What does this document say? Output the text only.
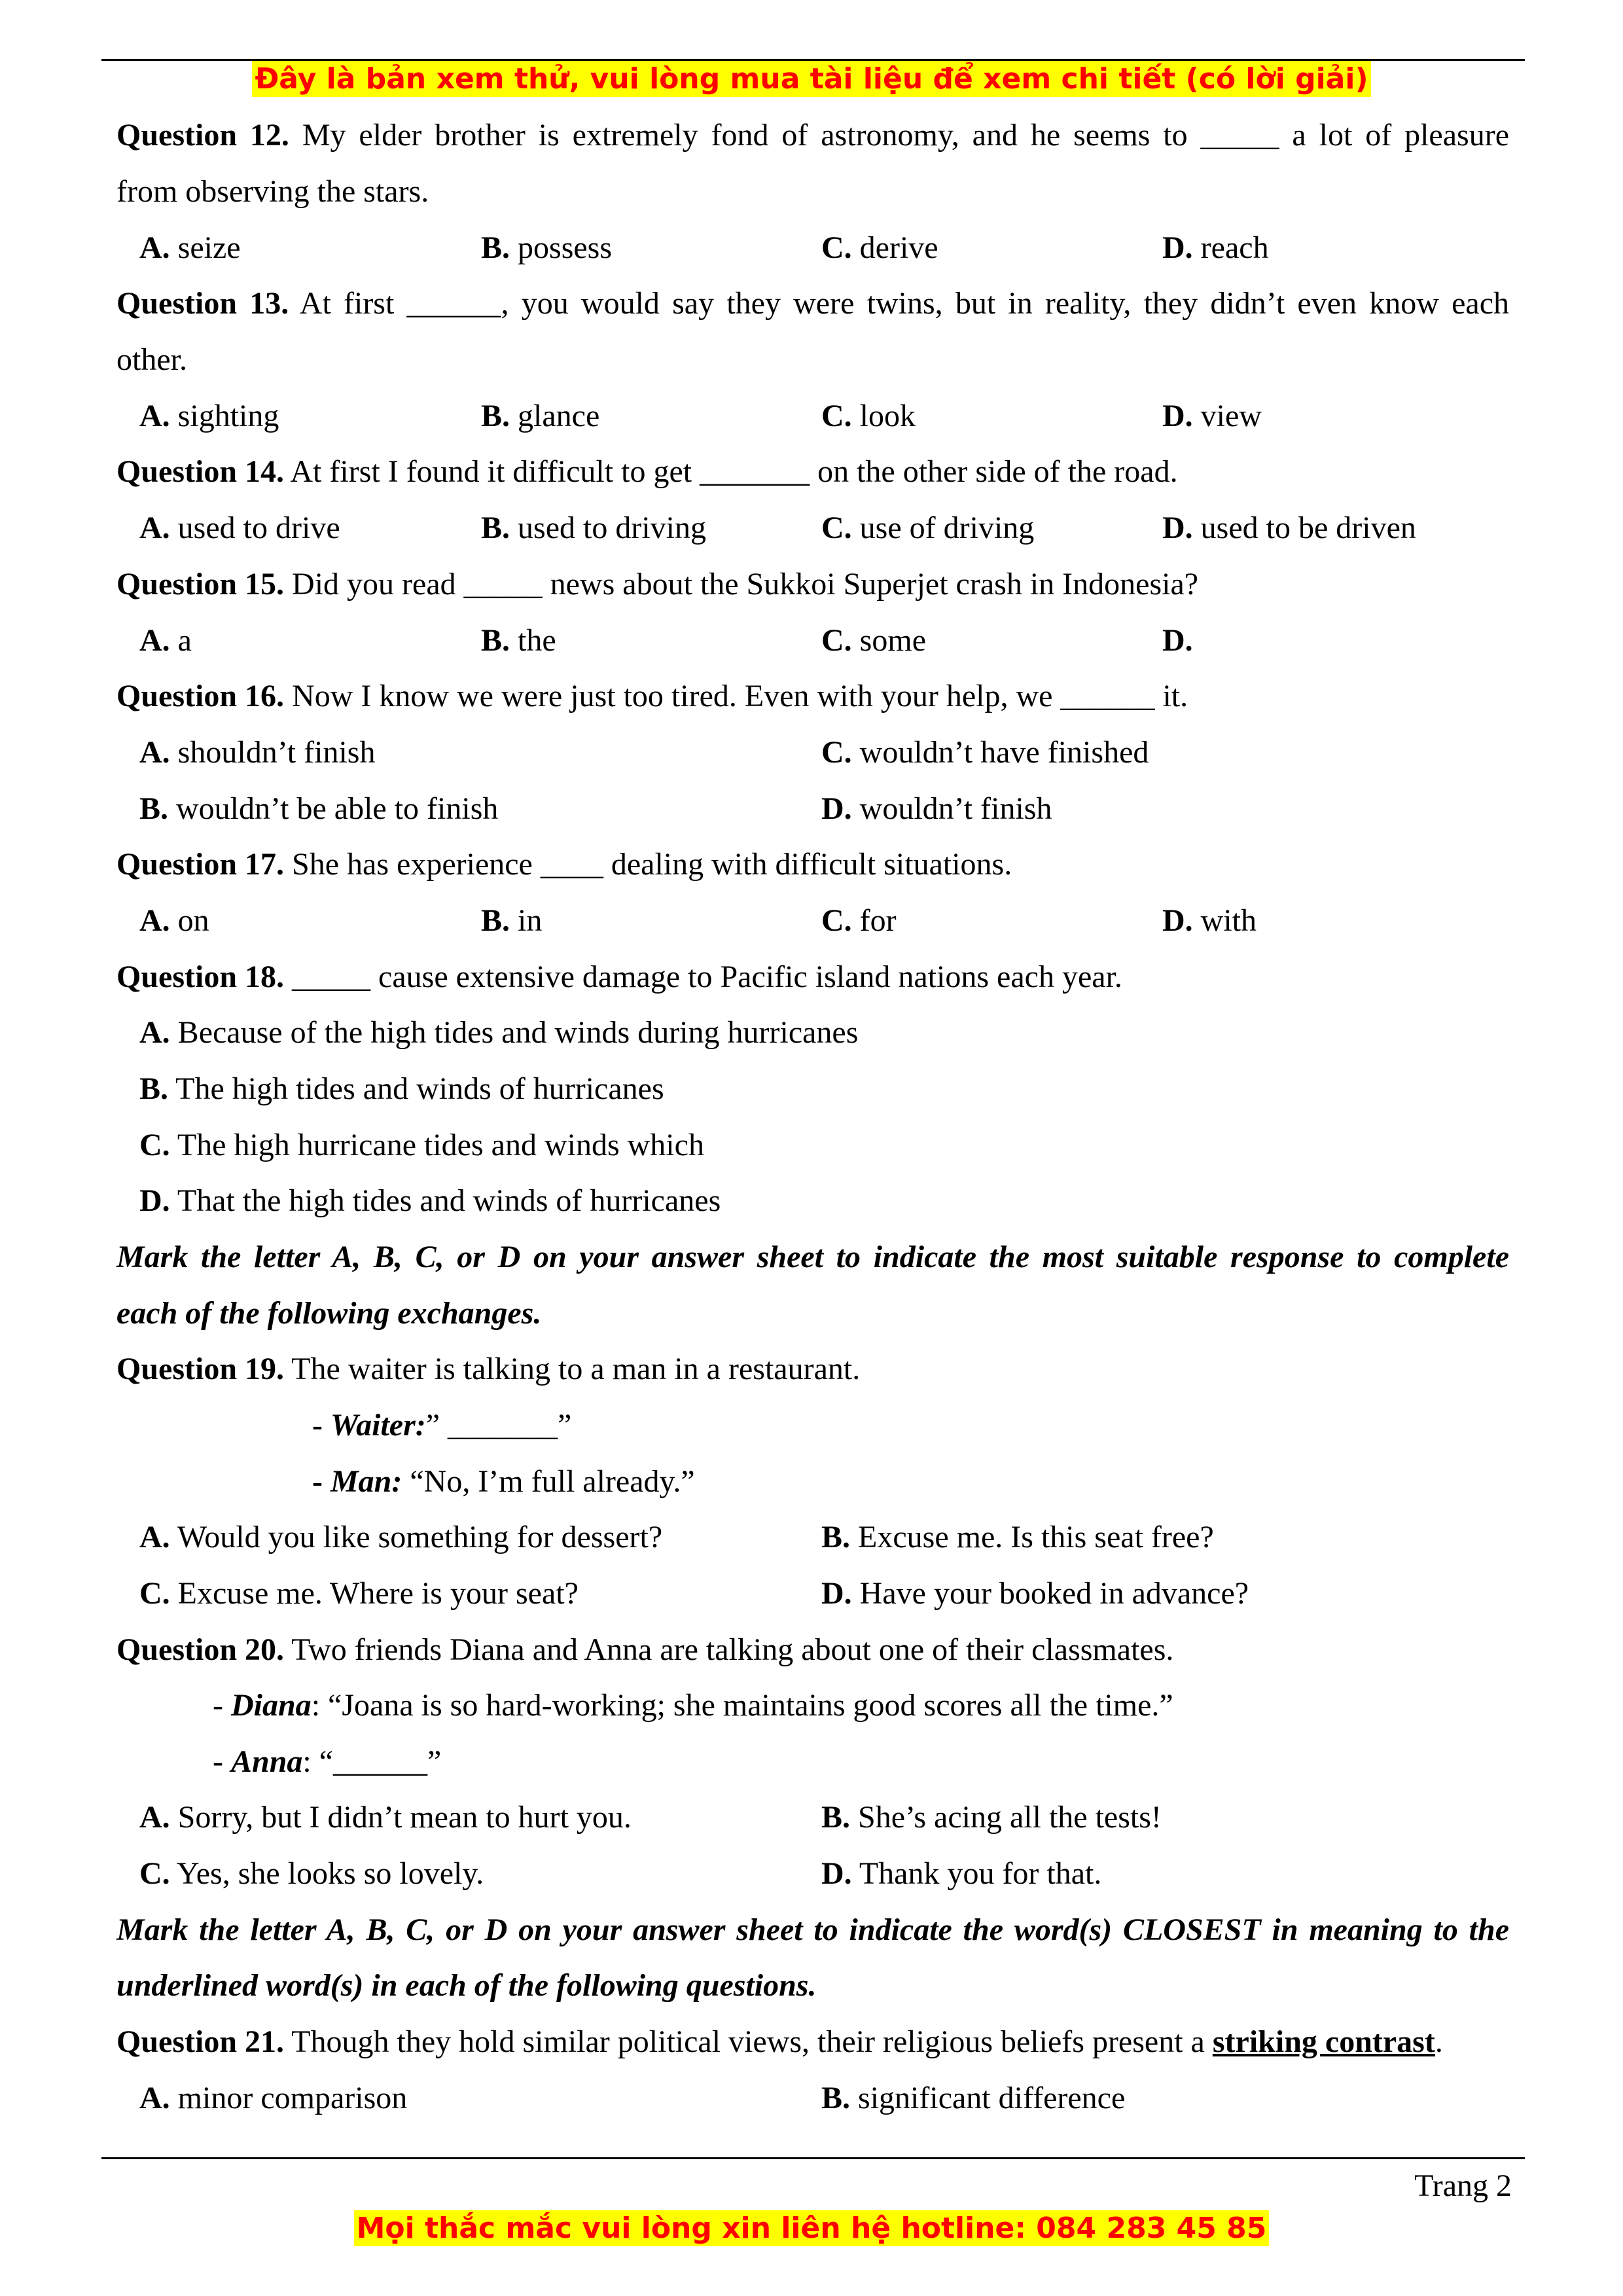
Đây là bản xem thử, vui lòng mua tài liệu để xem chi tiết (có lời giải)
Question 12. My elder brother is extremely fond of astronomy, and he seems to _____ a lot of pleasure
from observing the stars.
A. seize	B. possess	C. derive	D. reach
Question 13. At first ______, you would say they were twins, but in reality, they didn’t even know each
other.
A. sighting	B. glance	C. look	D. view
Question 14. At first I found it difficult to get _______ on the other side of the road.
A. used to drive	B. used to driving	C. use of driving	D. used to be driven
Question 15. Did you read _____ news about the Sukkoi Superjet crash in Indonesia?
A. a	B. the	C. some	D.
Question 16. Now I know we were just too tired. Even with your help, we ______ it.
A. shouldn’t finish	C. wouldn’t have finished
B. wouldn’t be able to finish	D. wouldn’t finish
Question 17. She has experience ____ dealing with difficult situations.
A. on	B. in	C. for	D. with
Question 18. _____ cause extensive damage to Pacific island nations each year.
A. Because of the high tides and winds during hurricanes
B. The high tides and winds of hurricanes
C. The high hurricane tides and winds which
D. That the high tides and winds of hurricanes
Mark the letter A, B, C, or D on your answer sheet to indicate the most suitable response to complete
each of the following exchanges.
Question 19. The waiter is talking to a man in a restaurant.
- Waiter:” _______”
- Man: “No, I’m full already.”
A. Would you like something for dessert?	B. Excuse me. Is this seat free?
C. Excuse me. Where is your seat?	D. Have your booked in advance?
Question 20. Two friends Diana and Anna are talking about one of their classmates.
- Diana: “Joana is so hard-working; she maintains good scores all the time.”
- Anna: “______”
A. Sorry, but I didn’t mean to hurt you.	B. She’s acing all the tests!
C. Yes, she looks so lovely.	D. Thank you for that.
Mark the letter A, B, C, or D on your answer sheet to indicate the word(s) CLOSEST in meaning to the
underlined word(s) in each of the following questions.
Question 21. Though they hold similar political views, their religious beliefs present a striking contrast.
A. minor comparison	B. significant difference
Trang 2
Mọi thắc mắc vui lòng xin liên hệ hotline: 084 283 45 85
